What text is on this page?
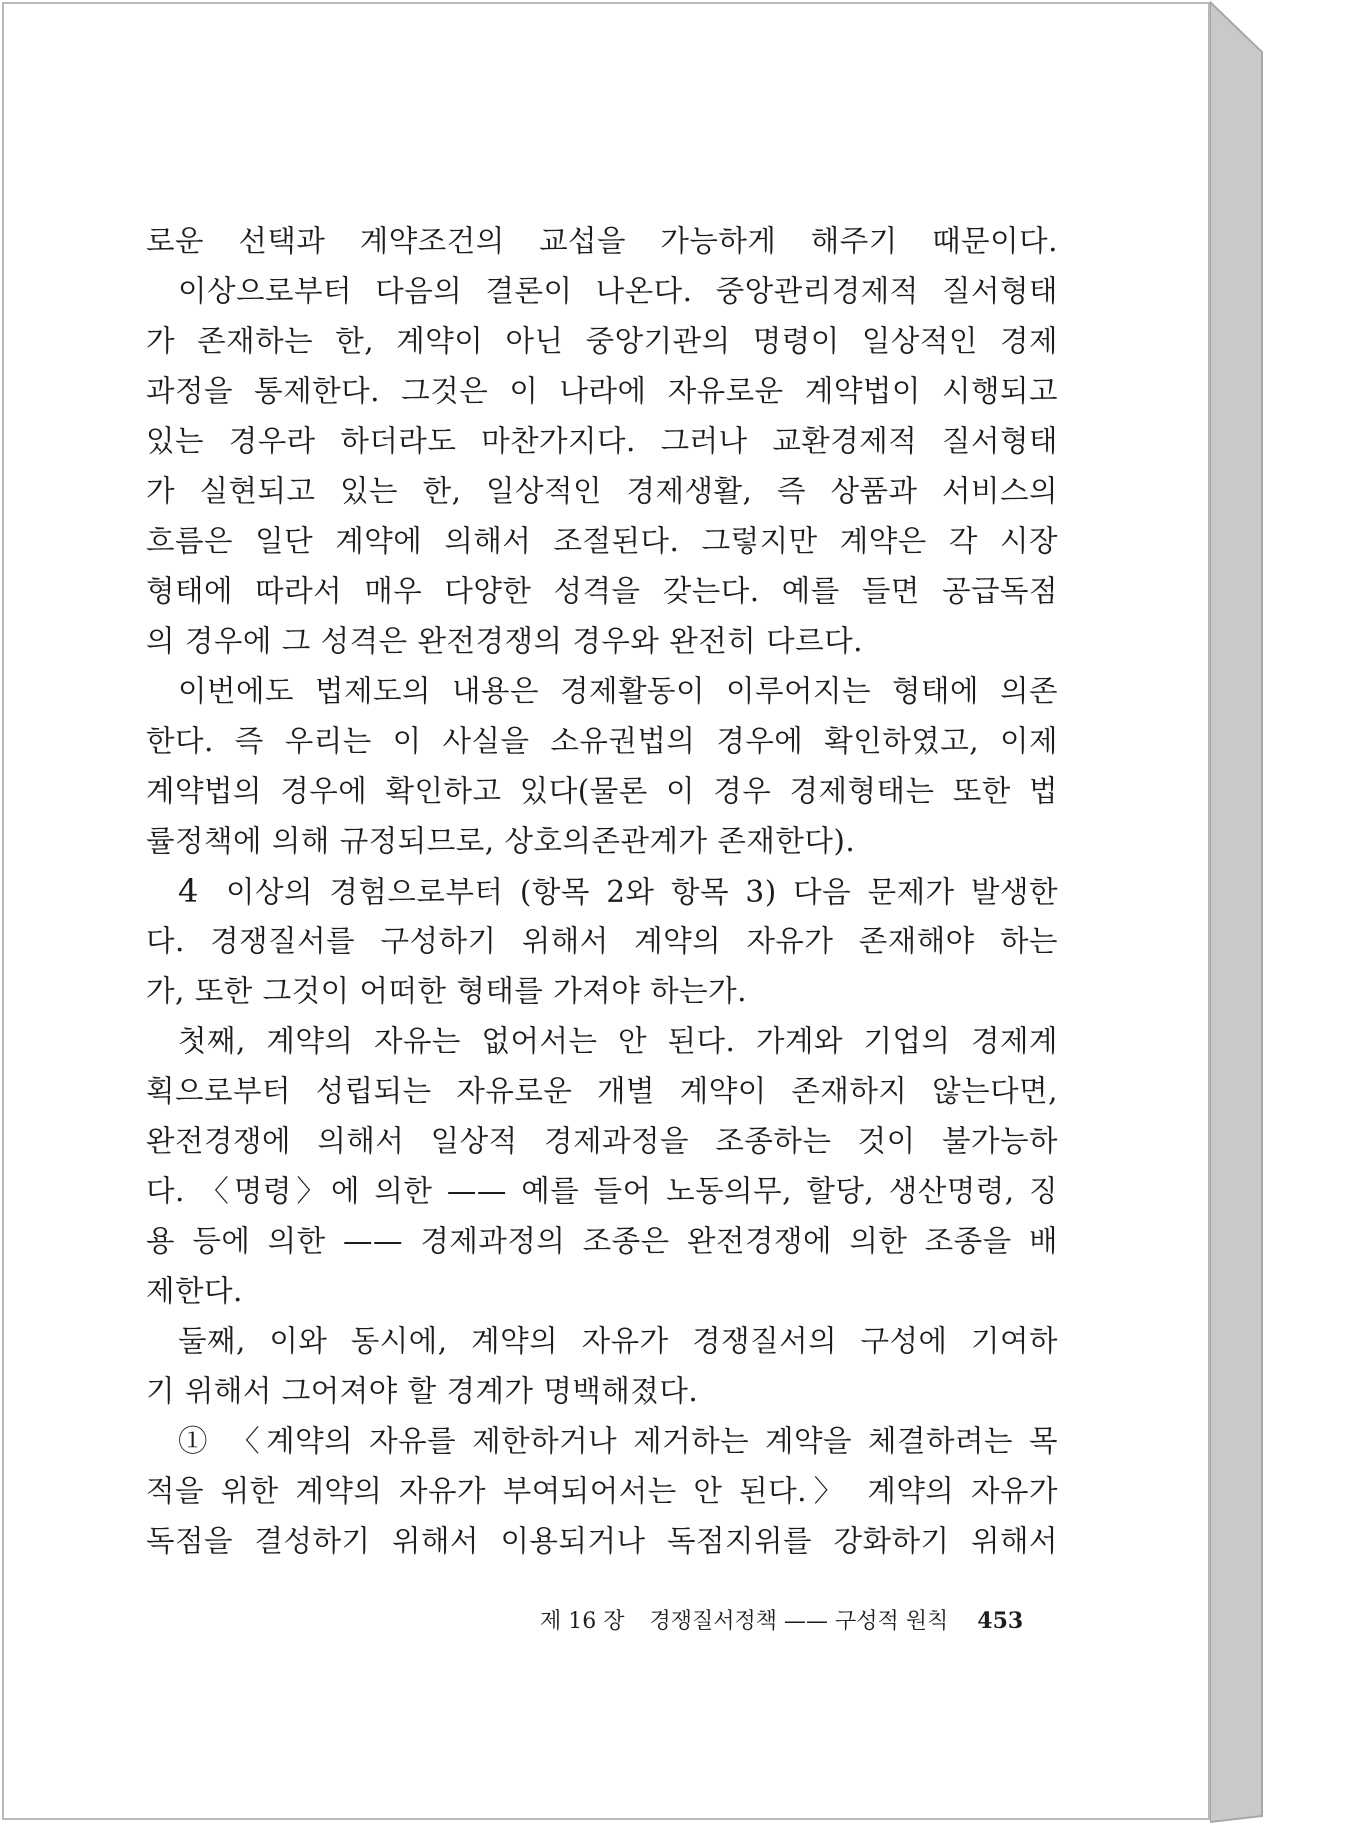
로운 선택과 계약조건의 교섭을 가능하게 해주기 때문이다.
이상으로부터 다음의 결론이 나온다. 중앙관리경제적 질서형태
가 존재하는 한, 계약이 아닌 중앙기관의 명령이 일상적인 경제
과정을 통제한다. 그것은 이 나라에 자유로운 계약법이 시행되고
있는 경우라 하더라도 마찬가지다. 그러나 교환경제적 질서형태
가 실현되고 있는 한, 일상적인 경제생활, 즉 상품과 서비스의
흐름은 일단 계약에 의해서 조절된다. 그렇지만 계약은 각 시장
형태에 따라서 매우 다양한 성격을 갖는다. 예를 들면 공급독점
의 경우에 그 성격은 완전경쟁의 경우와 완전히 다르다.
이번에도 법제도의 내용은 경제활동이 이루어지는 형태에 의존
한다. 즉 우리는 이 사실을 소유권법의 경우에 확인하였고, 이제
계약법의 경우에 확인하고 있다(물론 이 경우 경제형태는 또한 법
률정책에 의해 규정되므로, 상호의존관계가 존재한다).
4 이상의 경험으로부터 (항목 2와 항목 3) 다음 문제가 발생한
다. 경쟁질서를 구성하기 위해서 계약의 자유가 존재해야 하는
가, 또한 그것이 어떠한 형태를 가져야 하는가.
첫째, 계약의 자유는 없어서는 안 된다. 가계와 기업의 경제계
획으로부터 성립되는 자유로운 개별 계약이 존재하지 않는다면,
완전경쟁에 의해서 일상적 경제과정을 조종하는 것이 불가능하
다. 〈명령〉에 의한 —— 예를 들어 노동의무, 할당, 생산명령, 징
용 등에 의한 —— 경제과정의 조종은 완전경쟁에 의한 조종을 배
제한다.
둘째, 이와 동시에, 계약의 자유가 경쟁질서의 구성에 기여하
기 위해서 그어져야 할 경계가 명백해졌다.
① 〈계약의 자유를 제한하거나 제거하는 계약을 체결하려는 목
적을 위한 계약의 자유가 부여되어서는 안 된다.〉 계약의 자유가
독점을 결성하기 위해서 이용되거나 독점지위를 강화하기 위해서
제 16 장 경쟁질서정책 —— 구성적 원칙 453
